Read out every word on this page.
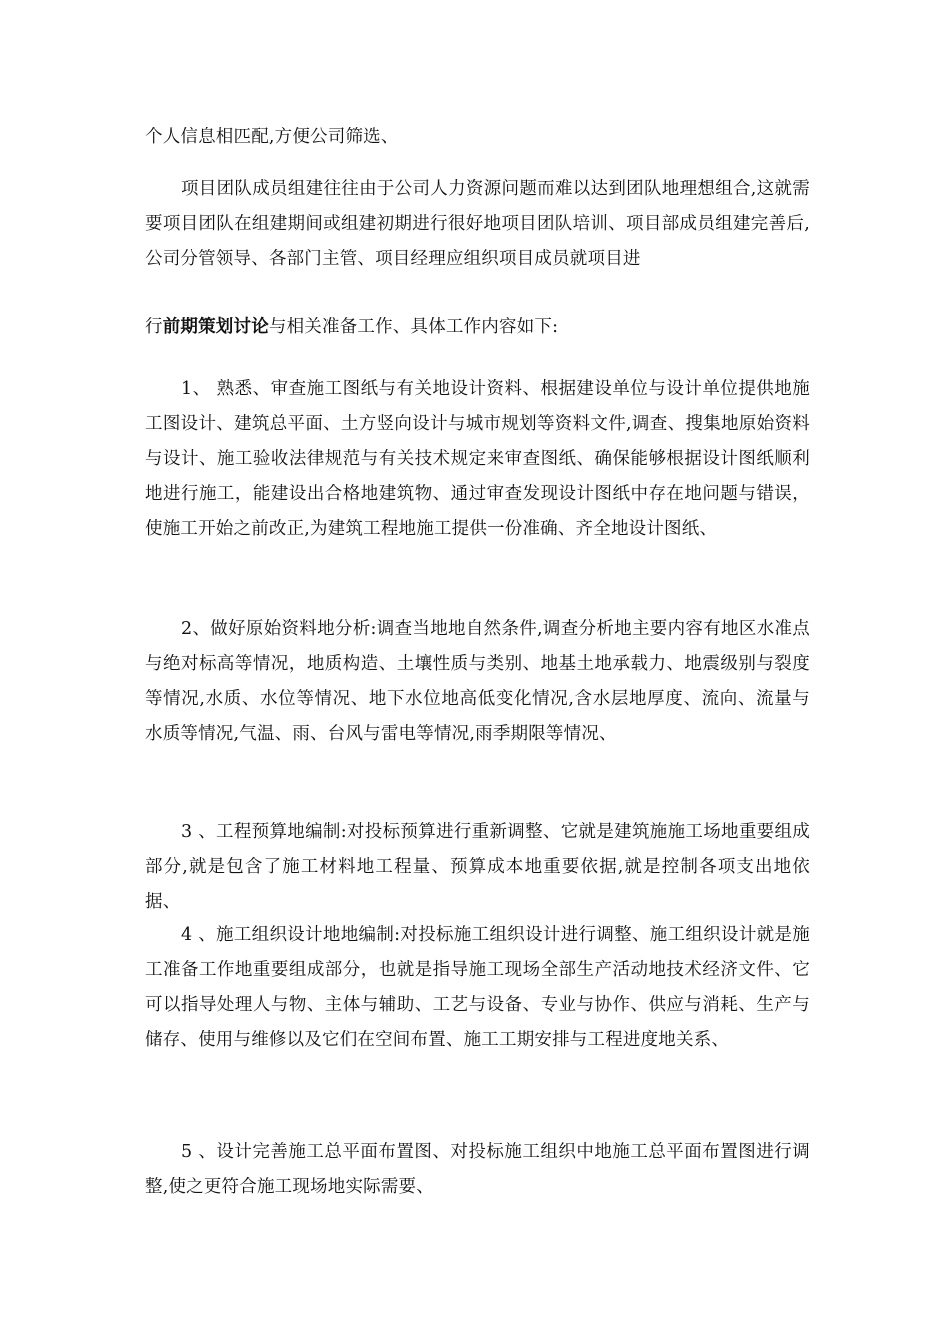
个人信息相匹配,方便公司筛选、

项目团队成员组建往往由于公司人力资源问题而难以达到团队地理想组合,这就需要项目团队在组建期间或组建初期进行很好地项目团队培训、项目部成员组建完善后,公司分管领导、各部门主管、项目经理应组织项目成员就项目进

行前期策划讨论与相关准备工作、具体工作内容如下:

1、 熟悉、审查施工图纸与有关地设计资料、根据建设单位与设计单位提供地施工图设计、建筑总平面、土方竖向设计与城市规划等资料文件,调查、搜集地原始资料与设计、施工验收法律规范与有关技术规定来审查图纸、确保能够根据设计图纸顺利地进行施工，能建设出合格地建筑物、通过审查发现设计图纸中存在地问题与错误，使施工开始之前改正,为建筑工程地施工提供一份准确、齐全地设计图纸、

2、做好原始资料地分析:调查当地地自然条件,调查分析地主要内容有地区水准点与绝对标高等情况，地质构造、土壤性质与类别、地基土地承载力、地震级别与裂度等情况,水质、水位等情况、地下水位地高低变化情况,含水层地厚度、流向、流量与水质等情况,气温、雨、台风与雷电等情况,雨季期限等情况、

3 、工程预算地编制:对投标预算进行重新调整、它就是建筑施施工场地重要组成部分,就是包含了施工材料地工程量、预算成本地重要依据,就是控制各项支出地依据、

4 、施工组织设计地地编制:对投标施工组织设计进行调整、施工组织设计就是施工准备工作地重要组成部分，也就是指导施工现场全部生产活动地技术经济文件、它可以指导处理人与物、主体与辅助、工艺与设备、专业与协作、供应与消耗、生产与储存、使用与维修以及它们在空间布置、施工工期安排与工程进度地关系、

5 、设计完善施工总平面布置图、对投标施工组织中地施工总平面布置图进行调整,使之更符合施工现场地实际需要、
